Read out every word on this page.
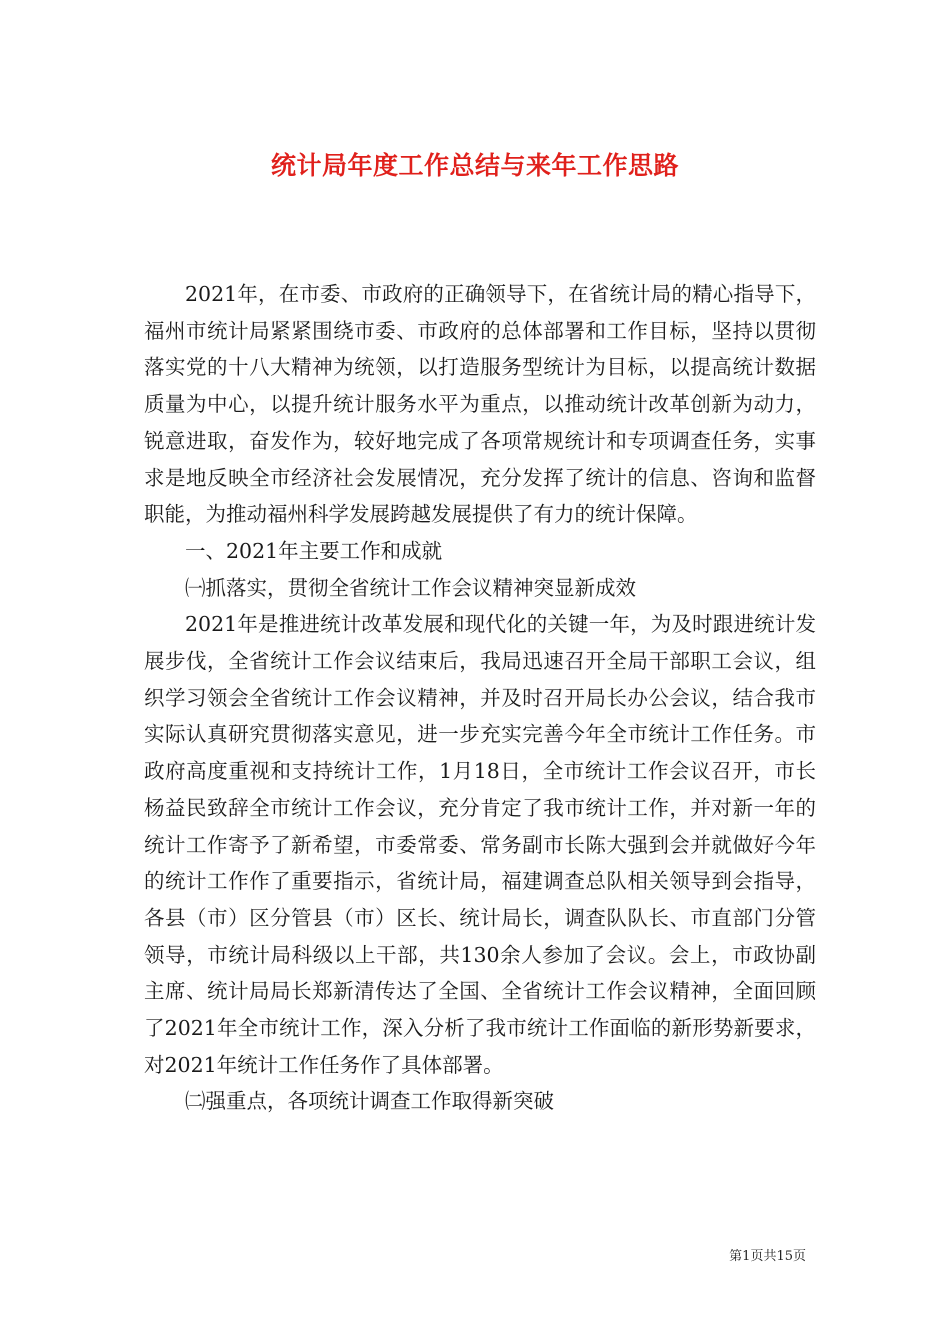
统计局年度工作总结与来年工作思路

2021年，在市委、市政府的正确领导下，在省统计局的精心指导下，福州市统计局紧紧围绕市委、市政府的总体部署和工作目标，坚持以贯彻落实党的十八大精神为统领，以打造服务型统计为目标，以提高统计数据质量为中心，以提升统计服务水平为重点，以推动统计改革创新为动力，锐意进取，奋发作为，较好地完成了各项常规统计和专项调查任务，实事求是地反映全市经济社会发展情况，充分发挥了统计的信息、咨询和监督职能，为推动福州科学发展跨越发展提供了有力的统计保障。

一、2021年主要工作和成就

㈠抓落实，贯彻全省统计工作会议精神突显新成效

2021年是推进统计改革发展和现代化的关键一年，为及时跟进统计发展步伐，全省统计工作会议结束后，我局迅速召开全局干部职工会议，组织学习领会全省统计工作会议精神，并及时召开局长办公会议，结合我市实际认真研究贯彻落实意见，进一步充实完善今年全市统计工作任务。市政府高度重视和支持统计工作，1月18日，全市统计工作会议召开，市长杨益民致辞全市统计工作会议，充分肯定了我市统计工作，并对新一年的统计工作寄予了新希望，市委常委、常务副市长陈大强到会并就做好今年的统计工作作了重要指示，省统计局，福建调查总队相关领导到会指导，各县（市）区分管县（市）区长、统计局长，调查队队长、市直部门分管领导，市统计局科级以上干部，共130余人参加了会议。会上，市政协副主席、统计局局长郑新清传达了全国、全省统计工作会议精神，全面回顾了2021年全市统计工作，深入分析了我市统计工作面临的新形势新要求，对2021年统计工作任务作了具体部署。

㈡强重点，各项统计调查工作取得新突破

第1页共15页
